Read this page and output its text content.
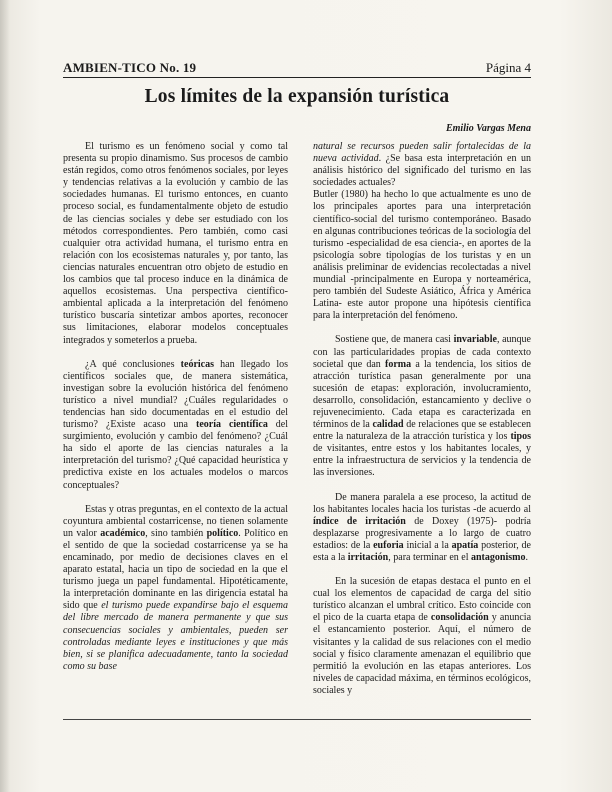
AMBIEN-TICO No. 19	Página 4
Los límites de la expansión turística
Emilio Vargas Mena

El turismo es un fenómeno social y como tal presenta su propio dinamismo. Sus procesos de cambio están regidos, como otros fenómenos sociales, por leyes y tendencias relativas a la evolución y cambio de las sociedades humanas. El turismo entonces, en cuanto proceso social, es fundamentalmente objeto de estudio de las ciencias sociales y debe ser estudiado con los métodos correspondientes. Pero también, como casi cualquier otra actividad humana, el turismo entra en relación con los ecosistemas naturales y, por tanto, las ciencias naturales encuentran otro objeto de estudio en los cambios que tal proceso induce en la dinámica de aquellos ecosistemas. Una perspectiva científico-ambiental aplicada a la interpretación del fenómeno turístico buscaría sintetizar ambos aportes, reconocer sus limitaciones, elaborar modelos conceptuales integrados y someterlos a prueba.

¿A qué conclusiones teóricas han llegado los científicos sociales que, de manera sistemática, investigan sobre la evolución histórica del fenómeno turístico a nivel mundial? ¿Cuáles regularidades o tendencias han sido documentadas en el estudio del turismo? ¿Existe acaso una teoría científica del surgimiento, evolución y cambio del fenómeno? ¿Cuál ha sido el aporte de las ciencias naturales a la interpretación del turismo? ¿Qué capacidad heurística y predictiva existe en los actuales modelos o marcos conceptuales?

Estas y otras preguntas, en el contexto de la actual coyuntura ambiental costarricense, no tienen solamente un valor académico, sino también político. Político en el sentido de que la sociedad costarricense ya se ha encaminado, por medio de decisiones claves en el aparato estatal, hacia un tipo de sociedad en la que el turismo juega un papel fundamental. Hipotéticamente, la interpretación dominante en las dirigencia estatal ha sido que el turismo puede expandirse bajo el esquema del libre mercado de manera permanente y que sus consecuencias sociales y ambientales, pueden ser controladas mediante leyes e instituciones y que más bien, si se planifica adecuadamente, tanto la sociedad como su base

natural se recursos pueden salir fortalecidas de la nueva actividad. ¿Se basa esta interpretación en un análisis histórico del significado del turismo en las sociedades actuales?

Butler (1980) ha hecho lo que actualmente es uno de los principales aportes para una interpretación científico-social del turismo contemporáneo. Basado en algunas contribuciones teóricas de la sociología del turismo -especialidad de esa ciencia-, en aportes de la psicología sobre tipologías de los turistas y en un análisis preliminar de evidencias recolectadas a nivel mundial -principalmente en Europa y norteamérica, pero también del Sudeste Asiático, África y América Latina- este autor propone una hipótesis científica para la interpretación del fenómeno.

Sostiene que, de manera casi invariable, aunque con las particularidades propias de cada contexto societal que dan forma a la tendencia, los sitios de atracción turística pasan generalmente por una sucesión de etapas: exploración, involucramiento, desarrollo, consolidación, estancamiento y declive o rejuvenecimiento. Cada etapa es caracterizada en términos de la calidad de relaciones que se establecen entre la naturaleza de la atracción turística y los tipos de visitantes, entre estos y los habitantes locales, y entre la infraestructura de servicios y la tendencia de las inversiones.

De manera paralela a ese proceso, la actitud de los habitantes locales hacia los turistas -de acuerdo al índice de irritación de Doxey (1975)- podría desplazarse progresivamente a lo largo de cuatro estadios: de la euforia inicial a la apatía posterior, de esta a la irritación, para terminar en el antagonismo.

En la sucesión de etapas destaca el punto en el cual los elementos de capacidad de carga del sitio turístico alcanzan el umbral crítico. Esto coincide con el pico de la cuarta etapa de consolidación y anuncia el estancamiento posterior. Aquí, el número de visitantes y la calidad de sus relaciones con el medio social y físico claramente amenazan el equilibrio que permitió la evolución en las etapas anteriores. Los niveles de capacidad máxima, en términos ecológicos, sociales y
